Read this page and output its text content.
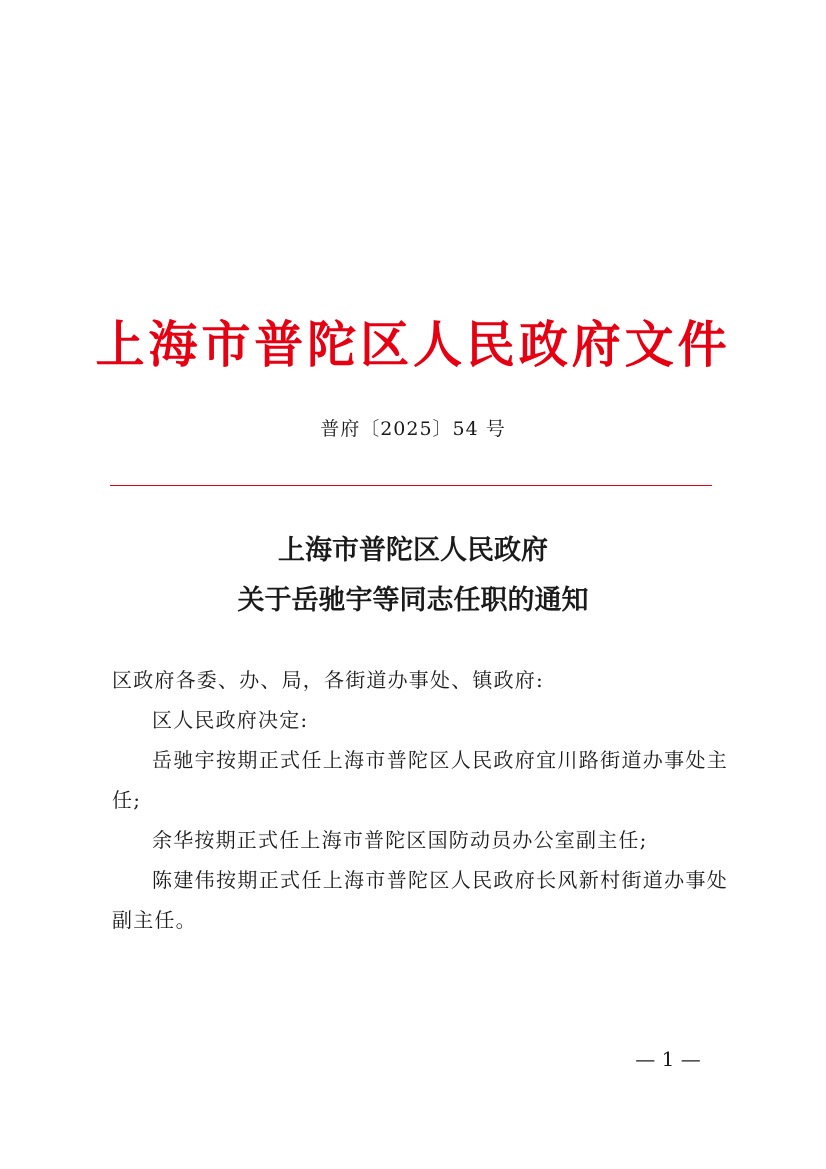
上海市普陀区人民政府文件
普府〔2025〕54 号
上海市普陀区人民政府
关于岳驰宇等同志任职的通知

区政府各委、办、局，各街道办事处、镇政府:

区人民政府决定:

岳驰宇按期正式任上海市普陀区人民政府宜川路街道办事处主任;

余华按期正式任上海市普陀区国防动员办公室副主任;

陈建伟按期正式任上海市普陀区人民政府长风新村街道办事处副主任。

— 1 —
